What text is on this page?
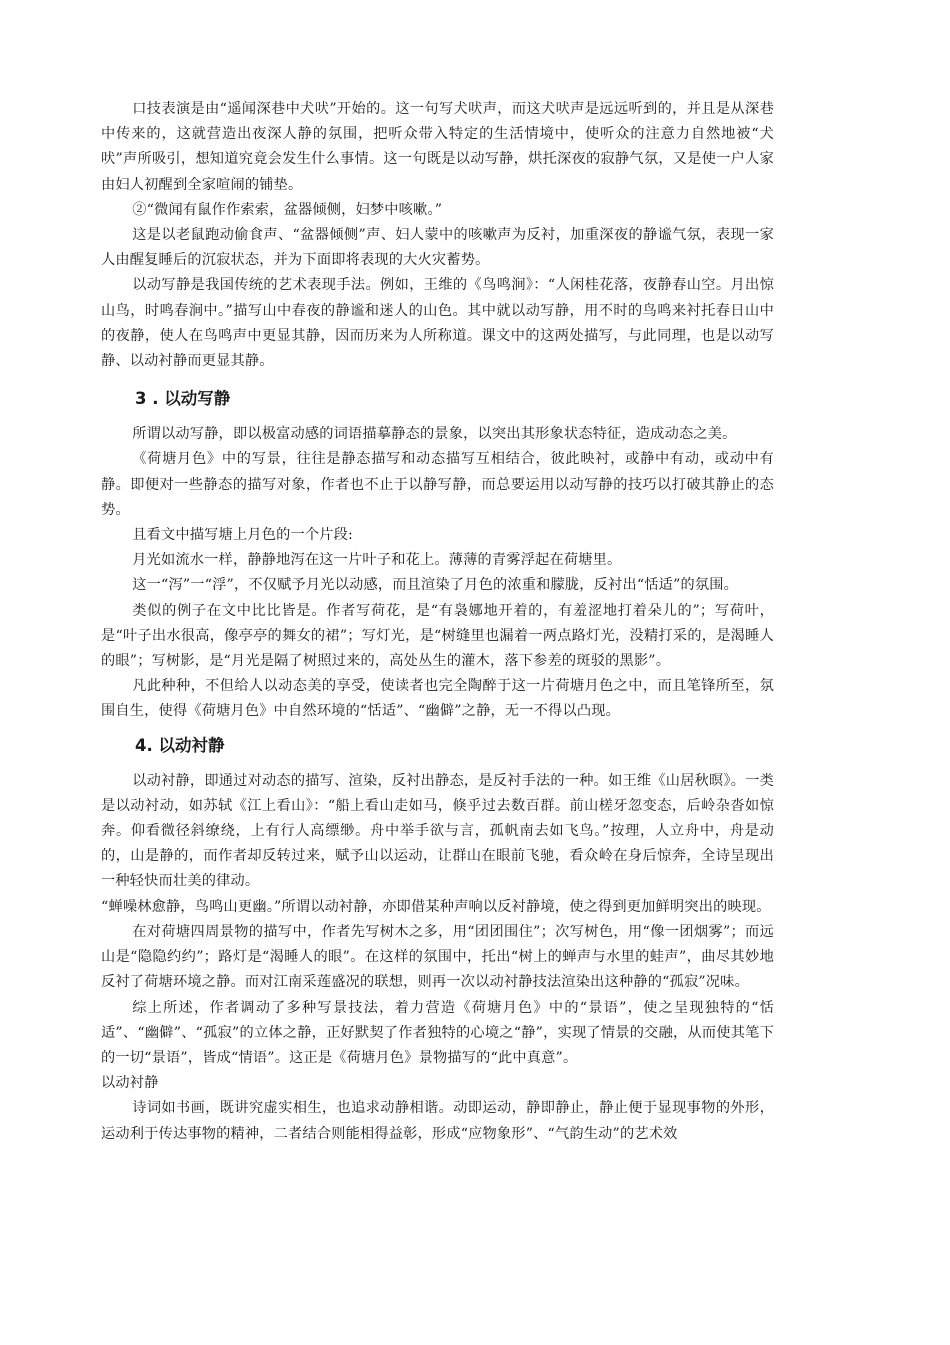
口技表演是由“遥闻深巷中犬吠”开始的。这一句写犬吠声，而这犬吠声是远远听到的，并且是从深巷中传来的，这就营造出夜深人静的氛围，把听众带入特定的生活情境中，使听众的注意力自然地被“犬吠”声所吸引，想知道究竟会发生什么事情。这一句既是以动写静，烘托深夜的寂静气氛，又是使一户人家由妇人初醒到全家喧闹的铺垫。

②“微闻有鼠作作索索，盆器倾侧，妇梦中咳嗽。”

这是以老鼠跑动偷食声、“盆器倾侧”声、妇人蒙中的咳嗽声为反衬，加重深夜的静谧气氛，表现一家人由醒复睡后的沉寂状态，并为下面即将表现的大火灾蓄势。

以动写静是我国传统的艺术表现手法。例如，王维的《鸟鸣涧》：“人闲桂花落，夜静春山空。月出惊山鸟，时鸣春涧中。”描写山中春夜的静谧和迷人的山色。其中就以动写静，用不时的鸟鸣来衬托春日山中的夜静，使人在鸟鸣声中更显其静，因而历来为人所称道。课文中的这两处描写，与此同理，也是以动写静、以动衬静而更显其静。

3 . 以动写静

所谓以动写静，即以极富动感的词语描摹静态的景象，以突出其形象状态特征，造成动态之美。

《荷塘月色》中的写景，往往是静态描写和动态描写互相结合，彼此映衬，或静中有动，或动中有静。即便对一些静态的描写对象，作者也不止于以静写静，而总要运用以动写静的技巧以打破其静止的态势。

且看文中描写塘上月色的一个片段:

月光如流水一样，静静地泻在这一片叶子和花上。薄薄的青雾浮起在荷塘里。

这一“泻”一“浮”，不仅赋予月光以动感，而且渲染了月色的浓重和朦胧，反衬出“恬适”的氛围。

类似的例子在文中比比皆是。作者写荷花，是“有袅娜地开着的，有羞涩地打着朵儿的”；写荷叶，是“叶子出水很高，像亭亭的舞女的裙”；写灯光，是“树缝里也漏着一两点路灯光，没精打采的，是渴睡人的眼”；写树影，是“月光是隔了树照过来的，高处丛生的灌木，落下参差的斑驳的黑影”。

凡此种种，不但给人以动态美的享受，使读者也完全陶醉于这一片荷塘月色之中，而且笔锋所至，氛围自生，使得《荷塘月色》中自然环境的“恬适”、“幽僻”之静，无一不得以凸现。

4. 以动衬静

以动衬静，即通过对动态的描写、渲染，反衬出静态，是反衬手法的一种。如王维《山居秋暝》。一类是以动衬动，如苏轼《江上看山》：“船上看山走如马，倏乎过去数百群。前山槎牙忽变态，后岭杂沓如惊奔。仰看微径斜缭绕，上有行人高缥缈。舟中举手欲与言，孤帆南去如飞鸟。”按理，人立舟中，舟是动的，山是静的，而作者却反转过来，赋予山以运动，让群山在眼前飞驰，看众岭在身后惊奔，全诗呈现出一种轻快而壮美的律动。

“蝉噪林愈静，鸟鸣山更幽。”所谓以动衬静，亦即借某种声响以反衬静境，使之得到更加鲜明突出的映现。

在对荷塘四周景物的描写中，作者先写树木之多，用“团团围住”；次写树色，用“像一团烟雾”；而远山是“隐隐约约”；路灯是“渴睡人的眼”。在这样的氛围中，托出“树上的蝉声与水里的蛙声”，曲尽其妙地反衬了荷塘环境之静。而对江南采莲盛况的联想，则再一次以动衬静技法渲染出这种静的“孤寂”况味。

综上所述，作者调动了多种写景技法，着力营造《荷塘月色》中的“景语”，使之呈现独特的“恬适”、“幽僻”、“孤寂”的立体之静，正好默契了作者独特的心境之“静”，实现了情景的交融，从而使其笔下的一切“景语”，皆成“情语”。这正是《荷塘月色》景物描写的“此中真意”。

以动衬静

诗词如书画，既讲究虚实相生，也追求动静相谐。动即运动，静即静止，静止便于显现事物的外形，运动利于传达事物的精神，二者结合则能相得益彰，形成“应物象形”、“气韵生动”的艺术效
